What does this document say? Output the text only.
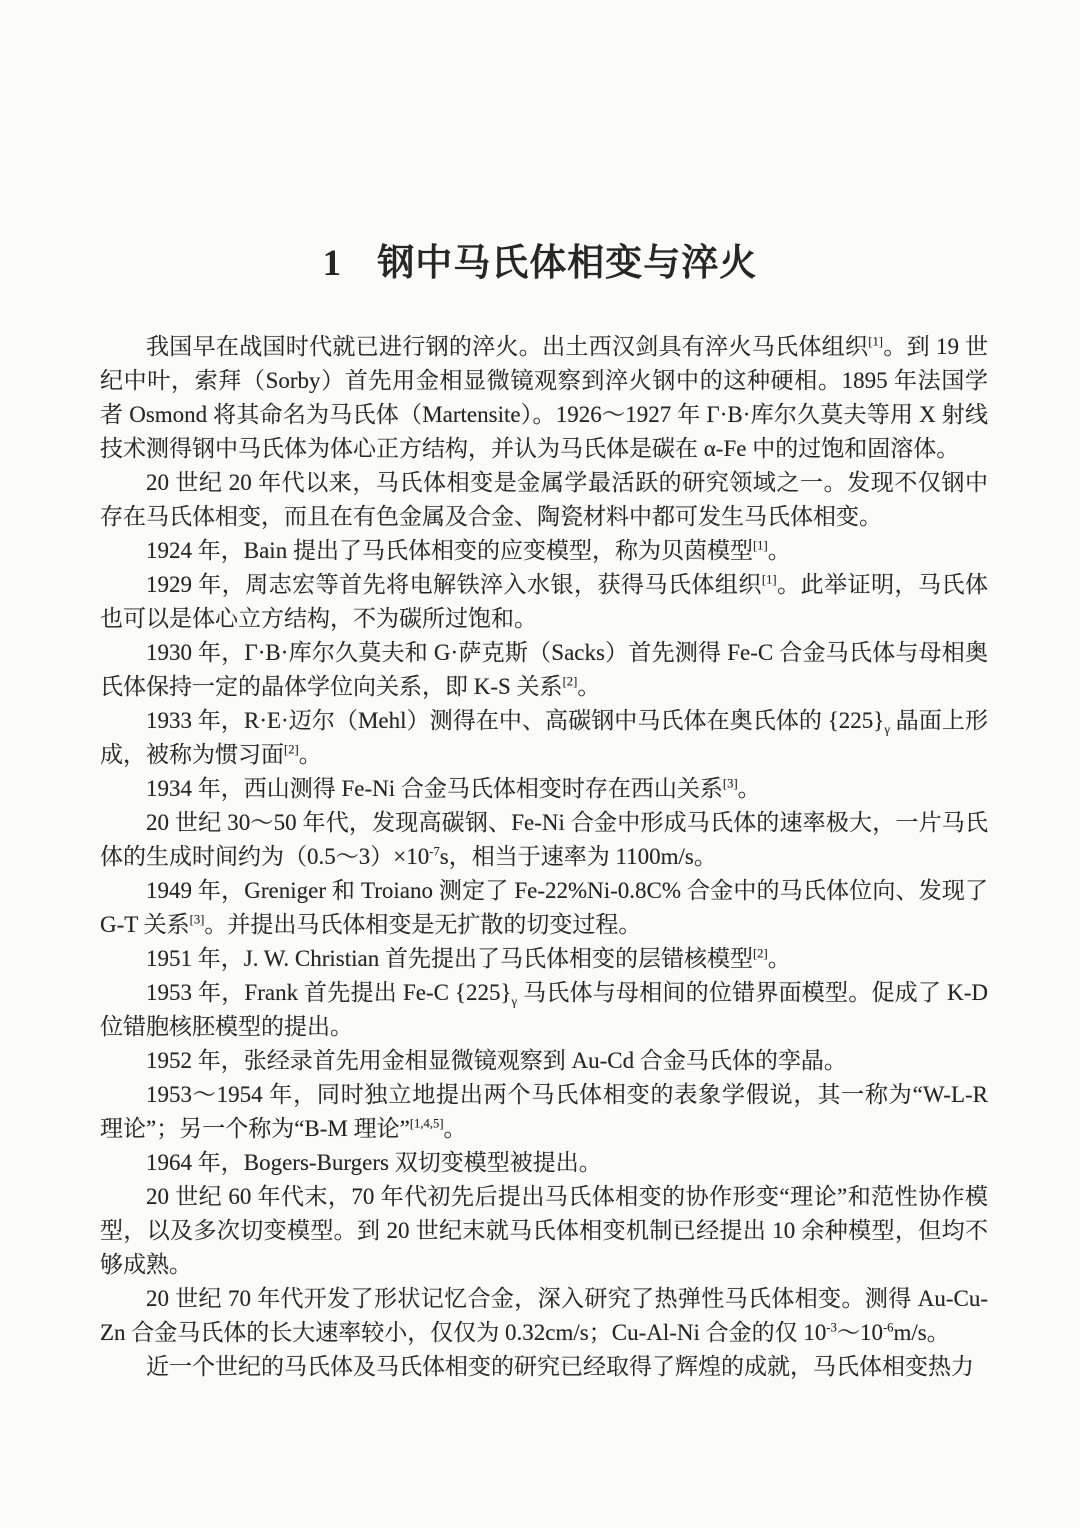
1 钢中马氏体相变与淬火

我国早在战国时代就已进行钢的淬火。出土西汉剑具有淬火马氏体组织[1]。到 19 世纪中叶，索拜（Sorby）首先用金相显微镜观察到淬火钢中的这种硬相。1895 年法国学者 Osmond 将其命名为马氏体（Martensite）。1926～1927 年 Γ·Β·库尔久莫夫等用 X 射线技术测得钢中马氏体为体心正方结构，并认为马氏体是碳在 α-Fe 中的过饱和固溶体。

20 世纪 20 年代以来，马氏体相变是金属学最活跃的研究领域之一。发现不仅钢中存在马氏体相变，而且在有色金属及合金、陶瓷材料中都可发生马氏体相变。

1924 年，Bain 提出了马氏体相变的应变模型，称为贝茵模型[1]。

1929 年，周志宏等首先将电解铁淬入水银，获得马氏体组织[1]。此举证明，马氏体也可以是体心立方结构，不为碳所过饱和。

1930 年，Γ·Β·库尔久莫夫和 G·萨克斯（Sacks）首先测得 Fe-C 合金马氏体与母相奥氏体保持一定的晶体学位向关系，即 K-S 关系[2]。

1933 年，R·E·迈尔（Mehl）测得在中、高碳钢中马氏体在奥氏体的 $\{225\}_\gamma$ 晶面上形成，被称为惯习面[2]。

1934 年，西山测得 Fe-Ni 合金马氏体相变时存在西山关系[3]。

20 世纪 30～50 年代，发现高碳钢、Fe-Ni 合金中形成马氏体的速率极大，一片马氏体的生成时间约为$(0.5\sim 3)\times 10^{-7}s$，相当于速率为 1100m/s。

1949 年，Greniger 和 Troiano 测定了 Fe-22%Ni-0.8C% 合金中的马氏体位向、发现了 G-T 关系[3]。并提出马氏体相变是无扩散的切变过程。

1951 年，J. W. Christian 首先提出了马氏体相变的层错核模型[2]。

1953 年，Frank 首先提出 Fe-C $\{225\}_\gamma$ 马氏体与母相间的位错界面模型。促成了 K-D 位错胞核胚模型的提出。

1952 年，张经录首先用金相显微镜观察到 Au-Cd 合金马氏体的孪晶。

1953～1954 年，同时独立地提出两个马氏体相变的表象学假说，其一称为“W-L-R 理论”；另一个称为“B-M 理论”[1,4,5]。

1964 年，Bogers-Burgers 双切变模型被提出。

20 世纪 60 年代末，70 年代初先后提出马氏体相变的协作形变“理论”和范性协作模型，以及多次切变模型。到 20 世纪末就马氏体相变机制已经提出 10 余种模型，但均不够成熟。

20 世纪 70 年代开发了形状记忆合金，深入研究了热弹性马氏体相变。测得 Au-Cu-Zn 合金马氏体的长大速率较小，仅仅为 0.32cm/s；Cu-Al-Ni 合金的仅 $10^{-3}\sim 10^{-6}m/s$。

近一个世纪的马氏体及马氏体相变的研究已经取得了辉煌的成就，马氏体相变热力
